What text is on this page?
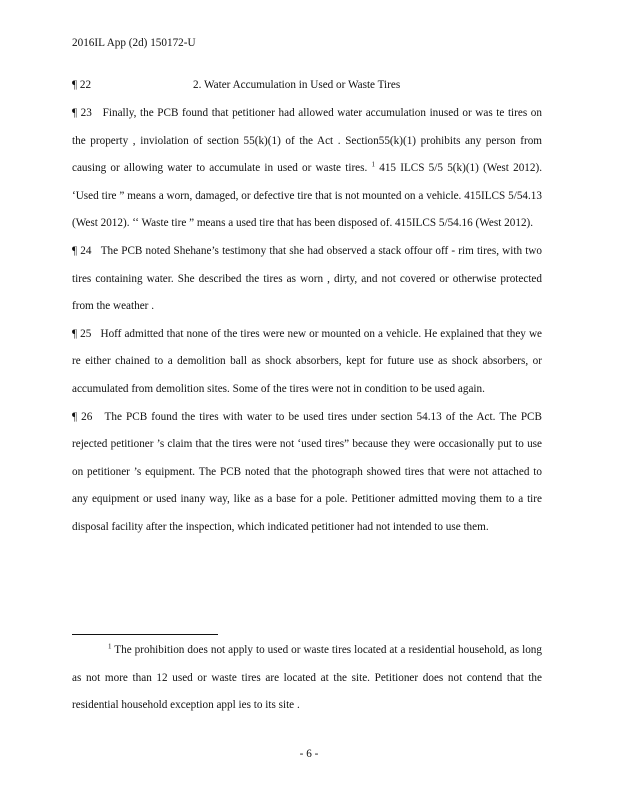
2016IL App (2d) 150172-U
¶ 22	2. Water Accumulation in Used or Waste Tires

¶ 23 Finally, the PCB found that petitioner had allowed water accumulation inused or was te tires on the property , inviolation of section 55(k)(1) of the Act . Section55(k)(1) prohibits any person from causing or allowing water to accumulate in used or waste tires. $^1$ 415 ILCS 5/5 5(k)(1) (West 2012). ‘Used tire ” means a worn, damaged, or defective tire that is not mounted on a vehicle. 415ILCS 5/54.13 (West 2012). ‘‘ Waste tire ” means a used tire that has been disposed of. 415ILCS 5/54.16 (West 2012).

¶ 24 The PCB noted Shehane’s testimony that she had observed a stack offour off - rim tires, with two tires containing water. She described the tires as worn , dirty, and not covered or otherwise protected from the weather .

¶ 25 Hoff admitted that none of the tires were new or mounted on a vehicle. He explained that they we re either chained to a demolition ball as shock absorbers, kept for future use as shock absorbers, or accumulated from demolition sites. Some of the tires were not in condition to be used again.

¶ 26 The PCB found the tires with water to be used tires under section 54.13 of the Act. The PCB rejected petitioner ’s claim that the tires were not ‘used tires” because they were occasionally put to use on petitioner ’s equipment. The PCB noted that the photograph showed tires that were not attached to any equipment or used inany way, like as a base for a pole. Petitioner admitted moving them to a tire disposal facility after the inspection, which indicated petitioner had not intended to use them.

$^1$ The prohibition does not apply to used or waste tires located at a residential household, as long as not more than 12 used or waste tires are located at the site. Petitioner does not contend that the residential household exception appl ies to its site .
- 6 -
